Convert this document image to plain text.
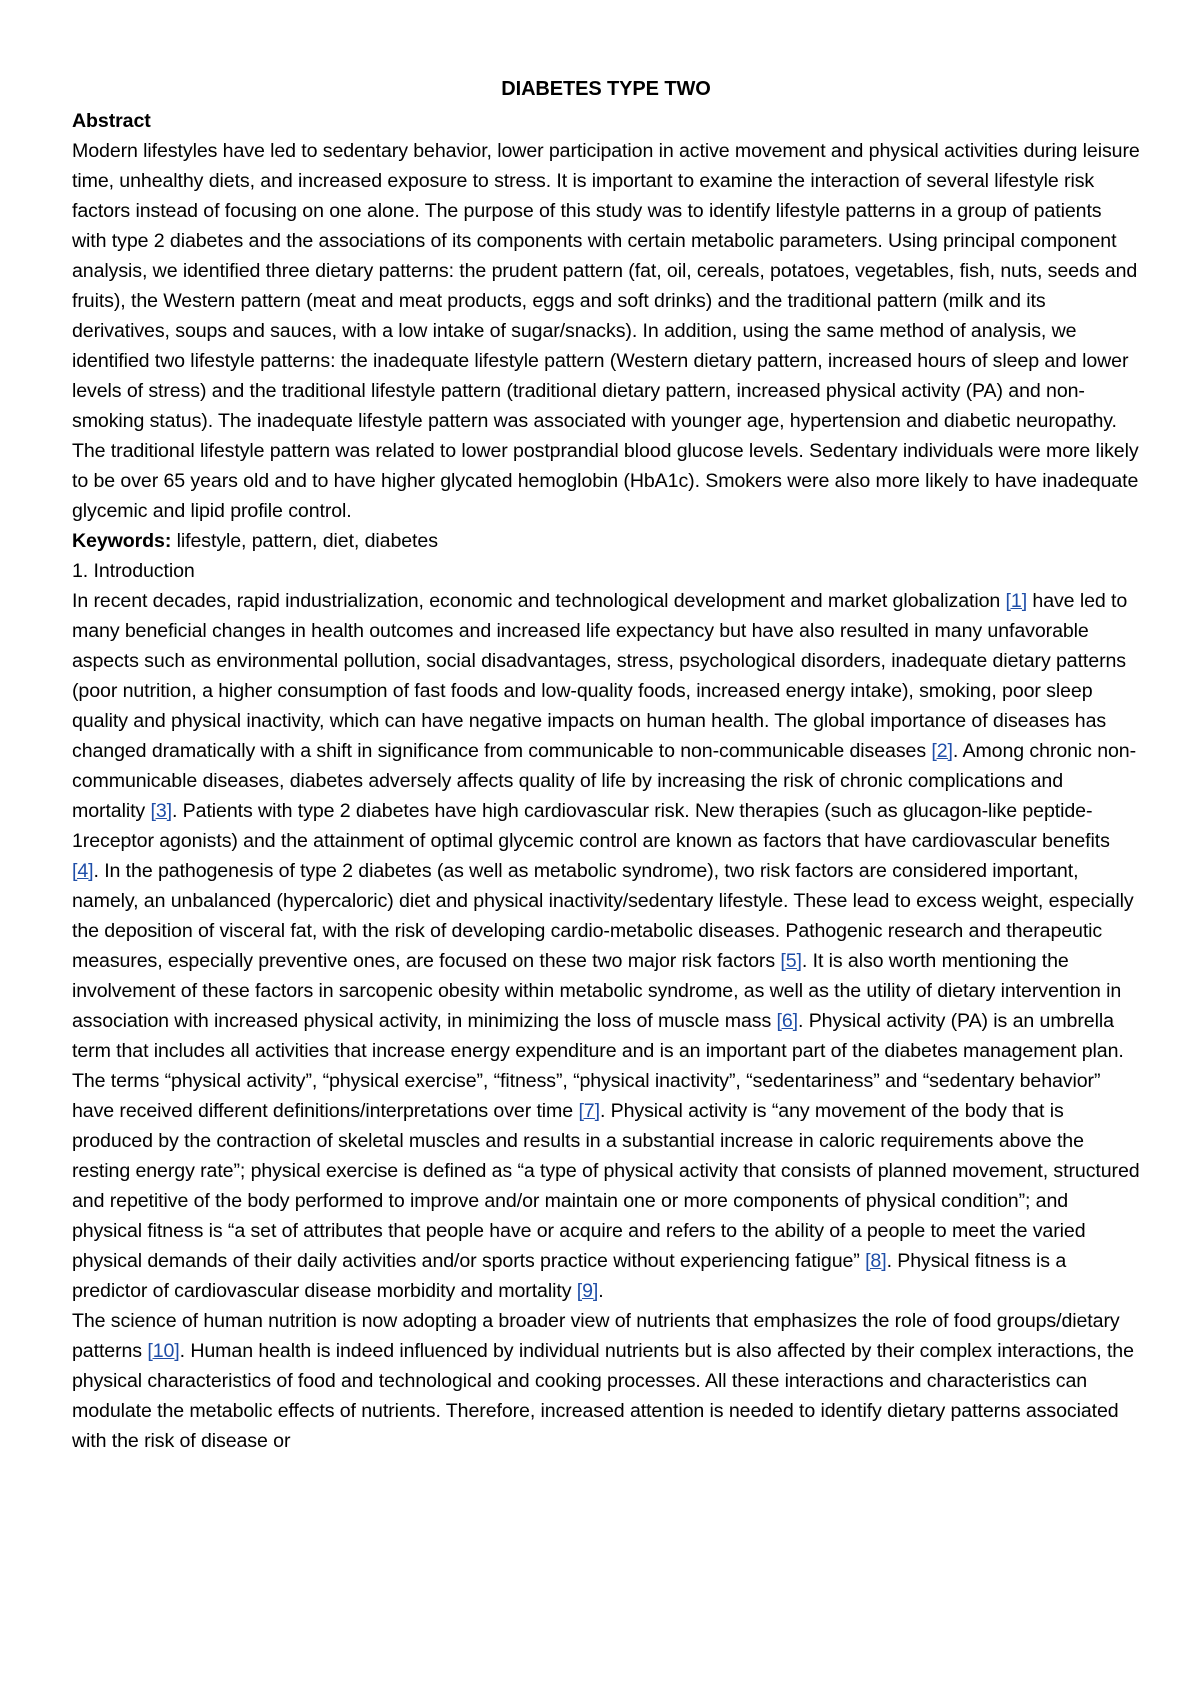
DIABETES TYPE TWO

Abstract

Modern lifestyles have led to sedentary behavior, lower participation in active movement and physical activities during leisure time, unhealthy diets, and increased exposure to stress. It is important to examine the interaction of several lifestyle risk factors instead of focusing on one alone. The purpose of this study was to identify lifestyle patterns in a group of patients with type 2 diabetes and the associations of its components with certain metabolic parameters. Using principal component analysis, we identified three dietary patterns: the prudent pattern (fat, oil, cereals, potatoes, vegetables, fish, nuts, seeds and fruits), the Western pattern (meat and meat products, eggs and soft drinks) and the traditional pattern (milk and its derivatives, soups and sauces, with a low intake of sugar/snacks). In addition, using the same method of analysis, we identified two lifestyle patterns: the inadequate lifestyle pattern (Western dietary pattern, increased hours of sleep and lower levels of stress) and the traditional lifestyle pattern (traditional dietary pattern, increased physical activity (PA) and non-smoking status). The inadequate lifestyle pattern was associated with younger age, hypertension and diabetic neuropathy. The traditional lifestyle pattern was related to lower postprandial blood glucose levels. Sedentary individuals were more likely to be over 65 years old and to have higher glycated hemoglobin (HbA1c). Smokers were also more likely to have inadequate glycemic and lipid profile control.

Keywords: lifestyle, pattern, diet, diabetes

1. Introduction

In recent decades, rapid industrialization, economic and technological development and market globalization [1] have led to many beneficial changes in health outcomes and increased life expectancy but have also resulted in many unfavorable aspects such as environmental pollution, social disadvantages, stress, psychological disorders, inadequate dietary patterns (poor nutrition, a higher consumption of fast foods and low-quality foods, increased energy intake), smoking, poor sleep quality and physical inactivity, which can have negative impacts on human health. The global importance of diseases has changed dramatically with a shift in significance from communicable to non-communicable diseases [2]. Among chronic non-communicable diseases, diabetes adversely affects quality of life by increasing the risk of chronic complications and mortality [3]. Patients with type 2 diabetes have high cardiovascular risk. New therapies (such as glucagon-like peptide-1receptor agonists) and the attainment of optimal glycemic control are known as factors that have cardiovascular benefits [4]. In the pathogenesis of type 2 diabetes (as well as metabolic syndrome), two risk factors are considered important, namely, an unbalanced (hypercaloric) diet and physical inactivity/sedentary lifestyle. These lead to excess weight, especially the deposition of visceral fat, with the risk of developing cardio-metabolic diseases. Pathogenic research and therapeutic measures, especially preventive ones, are focused on these two major risk factors [5]. It is also worth mentioning the involvement of these factors in sarcopenic obesity within metabolic syndrome, as well as the utility of dietary intervention in association with increased physical activity, in minimizing the loss of muscle mass [6]. Physical activity (PA) is an umbrella term that includes all activities that increase energy expenditure and is an important part of the diabetes management plan. The terms “physical activity”, “physical exercise”, “fitness”, “physical inactivity”, “sedentariness” and “sedentary behavior” have received different definitions/interpretations over time [7]. Physical activity is “any movement of the body that is produced by the contraction of skeletal muscles and results in a substantial increase in caloric requirements above the resting energy rate”; physical exercise is defined as “a type of physical activity that consists of planned movement, structured and repetitive of the body performed to improve and/or maintain one or more components of physical condition”; and physical fitness is “a set of attributes that people have or acquire and refers to the ability of a people to meet the varied physical demands of their daily activities and/or sports practice without experiencing fatigue” [8]. Physical fitness is a predictor of cardiovascular disease morbidity and mortality [9].

The science of human nutrition is now adopting a broader view of nutrients that emphasizes the role of food groups/dietary patterns [10]. Human health is indeed influenced by individual nutrients but is also affected by their complex interactions, the physical characteristics of food and technological and cooking processes. All these interactions and characteristics can modulate the metabolic effects of nutrients. Therefore, increased attention is needed to identify dietary patterns associated with the risk of disease or
